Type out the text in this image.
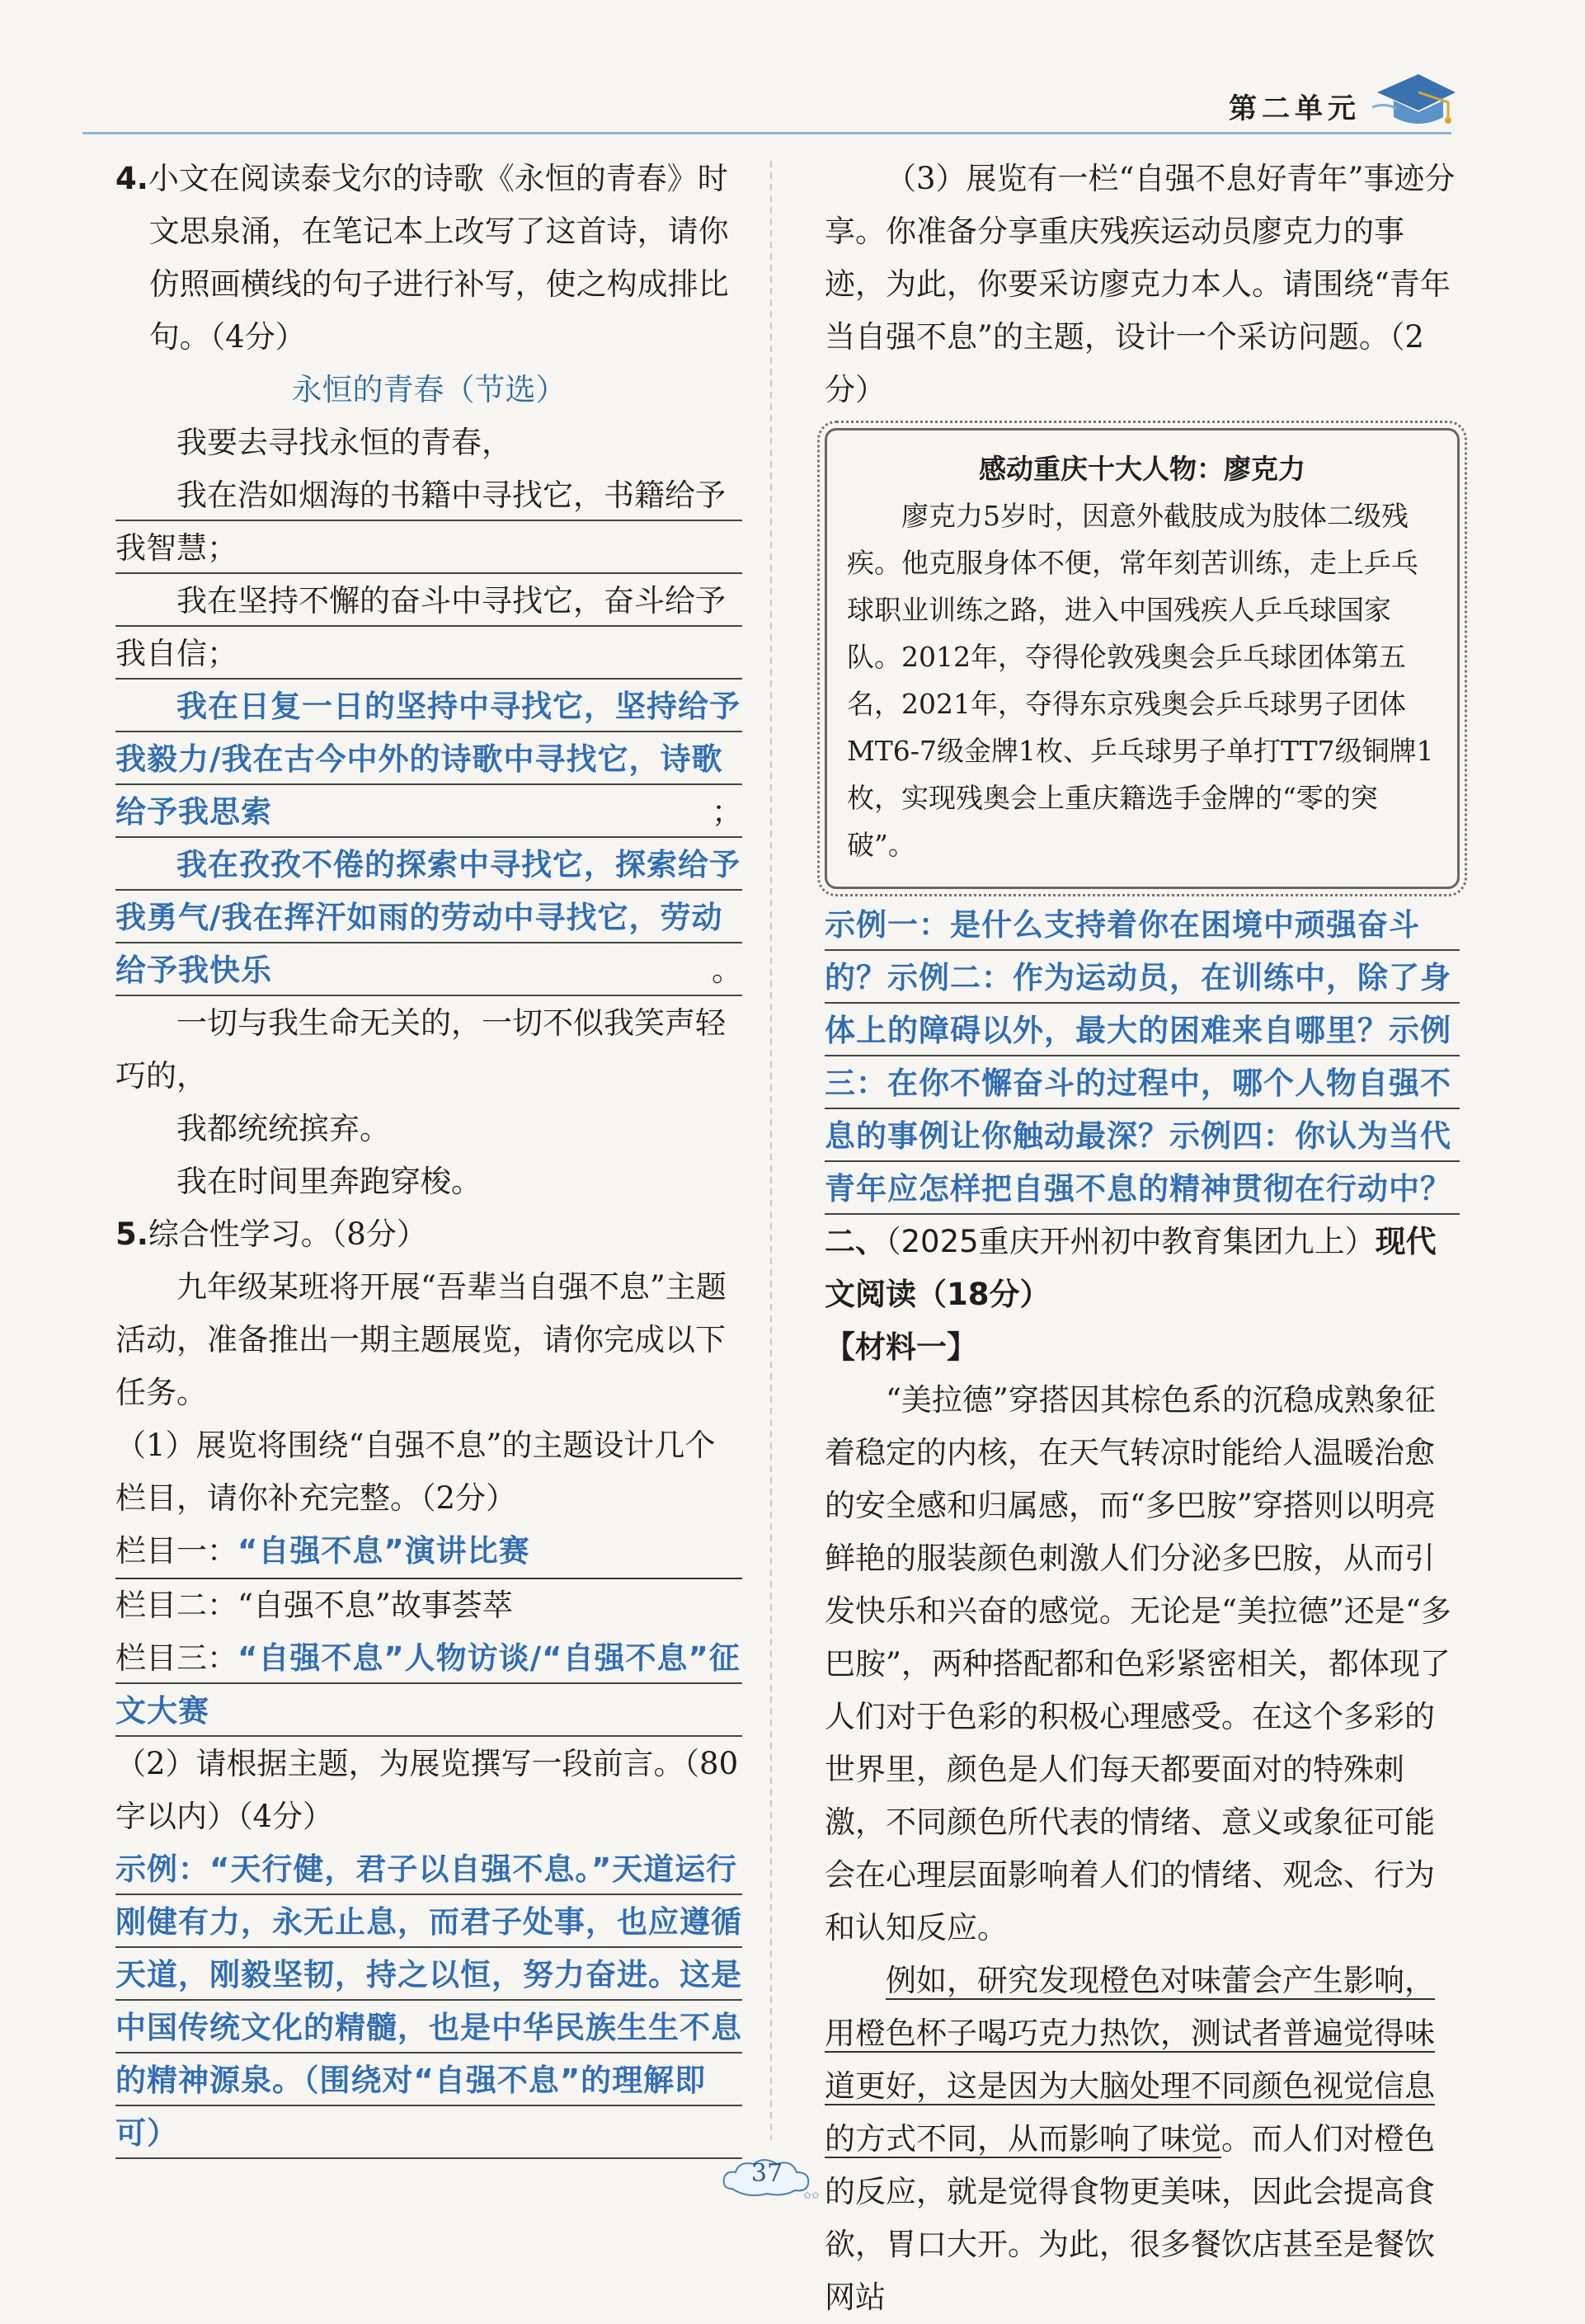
第二单元

4.小文在阅读泰戈尔的诗歌《永恒的青春》时文思泉涌，在笔记本上改写了这首诗，请你仿照画横线的句子进行补写，使之构成排比句。（4分）

永恒的青春（节选）

我要去寻找永恒的青春，

我在浩如烟海的书籍中寻找它，书籍给予我智慧；

我在坚持不懈的奋斗中寻找它，奋斗给予我自信；

我在日复一日的坚持中寻找它，坚持给予我毅力/我在古今中外的诗歌中寻找它，诗歌给予我思索	；

我在孜孜不倦的探索中寻找它，探索给予我勇气/我在挥汗如雨的劳动中寻找它，劳动给予我快乐	。

一切与我生命无关的，一切不似我笑声轻巧的，

我都统统摈弃。

我在时间里奔跑穿梭。

5.综合性学习。（8分）

九年级某班将开展“吾辈当自强不息”主题活动，准备推出一期主题展览，请你完成以下任务。

（1）展览将围绕“自强不息”的主题设计几个栏目，请你补充完整。（2分）

栏目一：“自强不息”演讲比赛

栏目二：“自强不息”故事荟萃

栏目三：“自强不息”人物访谈/“自强不息”征文大赛

（2）请根据主题，为展览撰写一段前言。（80字以内）（4分）

示例：“天行健，君子以自强不息。”天道运行刚健有力，永无止息，而君子处事，也应遵循天道，刚毅坚韧，持之以恒，努力奋进。这是中国传统文化的精髓，也是中华民族生生不息的精神源泉。（围绕对“自强不息”的理解即可）

（3）展览有一栏“自强不息好青年”事迹分享。你准备分享重庆残疾运动员廖克力的事迹，为此，你要采访廖克力本人。请围绕“青年当自强不息”的主题，设计一个采访问题。（2分）

感动重庆十大人物：廖克力

廖克力5岁时，因意外截肢成为肢体二级残疾。他克服身体不便，常年刻苦训练，走上乒乓球职业训练之路，进入中国残疾人乒乓球国家队。2012年，夺得伦敦残奥会乒乓球团体第五名，2021年，夺得东京残奥会乒乓球男子团体MT6-7级金牌1枚、乒乓球男子单打TT7级铜牌1枚，实现残奥会上重庆籍选手金牌的“零的突破”。

示例一：是什么支持着你在困境中顽强奋斗的？示例二：作为运动员，在训练中，除了身体上的障碍以外，最大的困难来自哪里？示例三：在你不懈奋斗的过程中，哪个人物自强不息的事例让你触动最深？示例四：你认为当代青年应怎样把自强不息的精神贯彻在行动中？

二、（2025重庆开州初中教育集团九上）现代文阅读（18分）

【材料一】

“美拉德”穿搭因其棕色系的沉稳成熟象征着稳定的内核，在天气转凉时能给人温暖治愈的安全感和归属感，而“多巴胺”穿搭则以明亮鲜艳的服装颜色刺激人们分泌多巴胺，从而引发快乐和兴奋的感觉。无论是“美拉德”还是“多巴胺”，两种搭配都和色彩紧密相关，都体现了人们对于色彩的积极心理感受。在这个多彩的世界里，颜色是人们每天都要面对的特殊刺激，不同颜色所代表的情绪、意义或象征可能会在心理层面影响着人们的情绪、观念、行为和认知反应。

例如，研究发现橙色对味蕾会产生影响，用橙色杯子喝巧克力热饮，测试者普遍觉得味道更好，这是因为大脑处理不同颜色视觉信息的方式不同，从而影响了味觉。而人们对橙色的反应，就是觉得食物更美味，因此会提高食欲，胃口大开。为此，很多餐饮店甚至是餐饮网站

✩✩
37
